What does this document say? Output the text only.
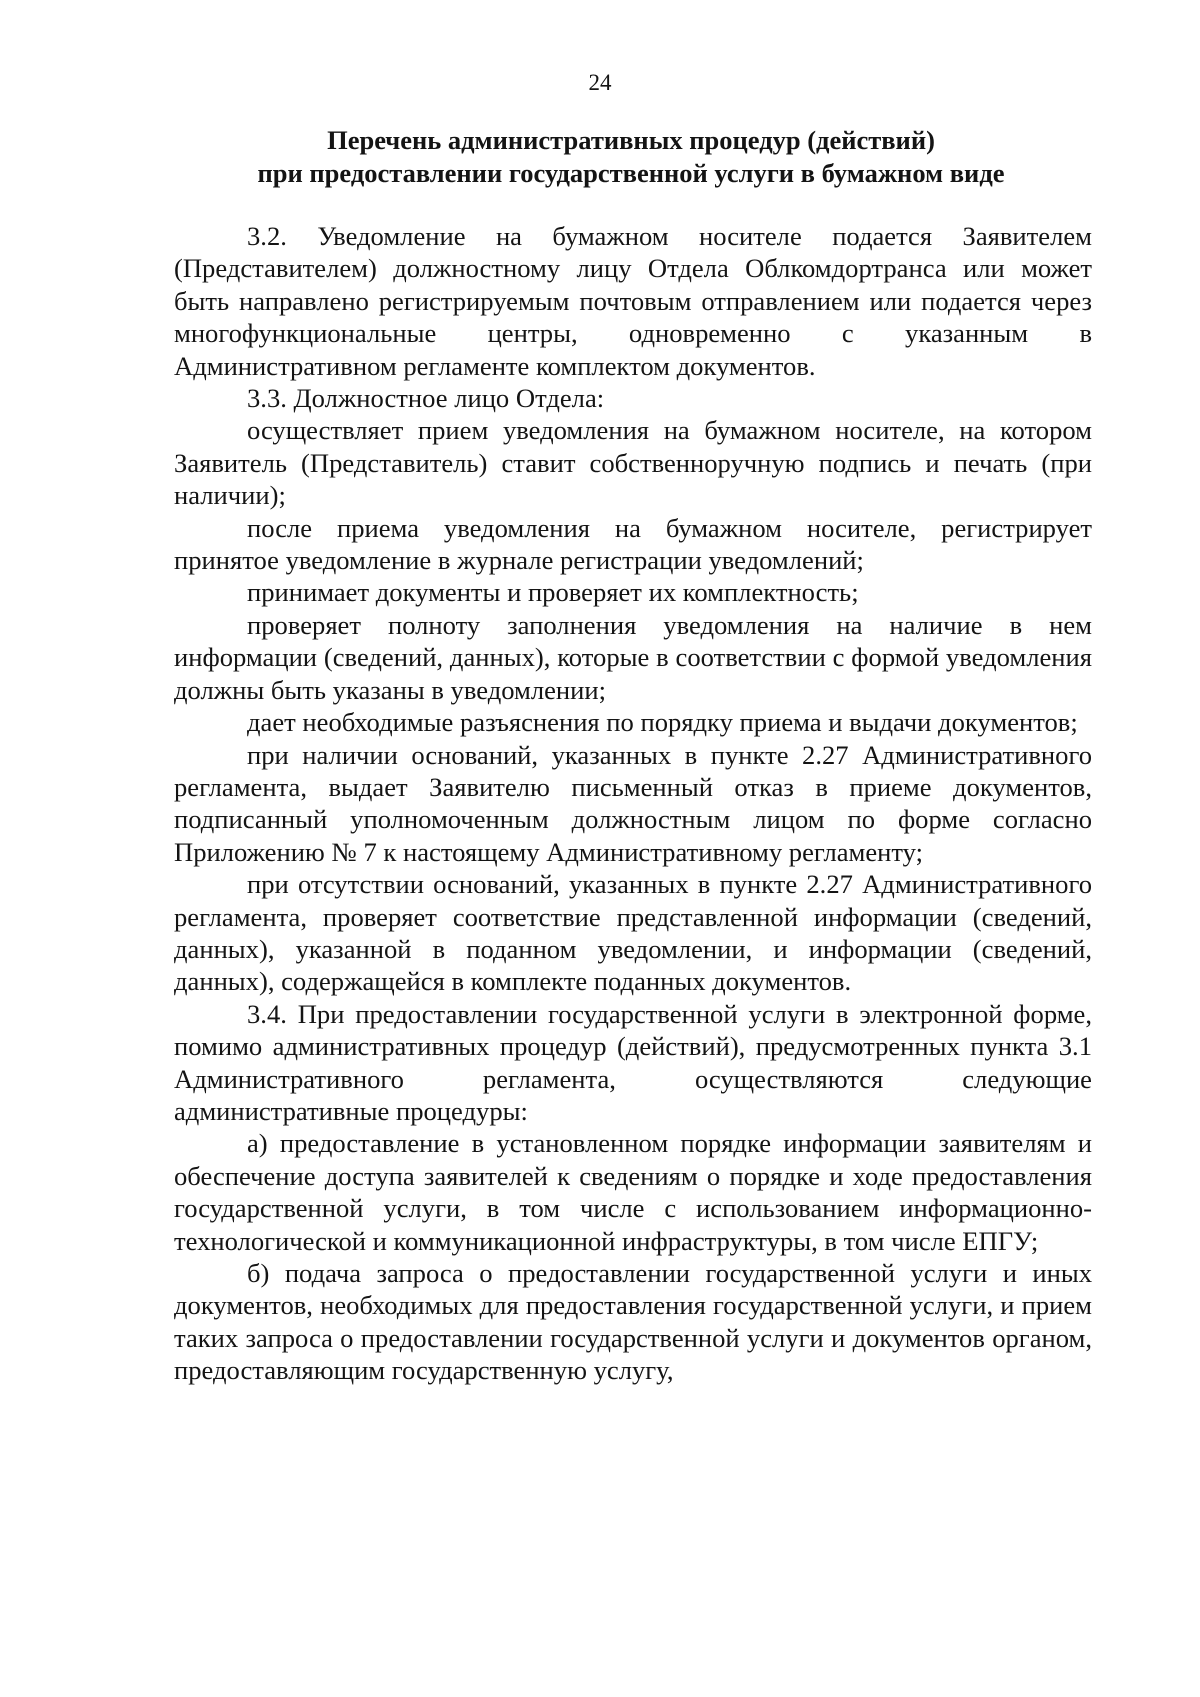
24
Перечень административных процедур (действий)
при предоставлении государственной услуги в бумажном виде

3.2. Уведомление на бумажном носителе подается Заявителем (Представителем) должностному лицу Отдела Облкомдортранса или может быть направлено регистрируемым почтовым отправлением или подается через многофункциональные центры, одновременно с указанным в Административном регламенте комплектом документов.

3.3. Должностное лицо Отдела:

осуществляет прием уведомления на бумажном носителе, на котором Заявитель (Представитель) ставит собственноручную подпись и печать (при наличии);

после приема уведомления на бумажном носителе, регистрирует принятое уведомление в журнале регистрации уведомлений;

принимает документы и проверяет их комплектность;

проверяет полноту заполнения уведомления на наличие в нем информации (сведений, данных), которые в соответствии с формой уведомления должны быть указаны в уведомлении;

дает необходимые разъяснения по порядку приема и выдачи документов;

при наличии оснований, указанных в пункте 2.27 Административного регламента, выдает Заявителю письменный отказ в приеме документов, подписанный уполномоченным должностным лицом по форме согласно Приложению № 7 к настоящему Административному регламенту;

при отсутствии оснований, указанных в пункте 2.27 Административного регламента, проверяет соответствие представленной информации (сведений, данных), указанной в поданном уведомлении, и информации (сведений, данных), содержащейся в комплекте поданных документов.

3.4. При предоставлении государственной услуги в электронной форме, помимо административных процедур (действий), предусмотренных пункта 3.1 Административного регламента, осуществляются следующие административные процедуры:

а) предоставление в установленном порядке информации заявителям и обеспечение доступа заявителей к сведениям о порядке и ходе предоставления государственной услуги, в том числе с использованием информационно-технологической и коммуникационной инфраструктуры, в том числе ЕПГУ;

б) подача запроса о предоставлении государственной услуги и иных документов, необходимых для предоставления государственной услуги, и прием таких запроса о предоставлении государственной услуги и документов органом, предоставляющим государственную услугу,
